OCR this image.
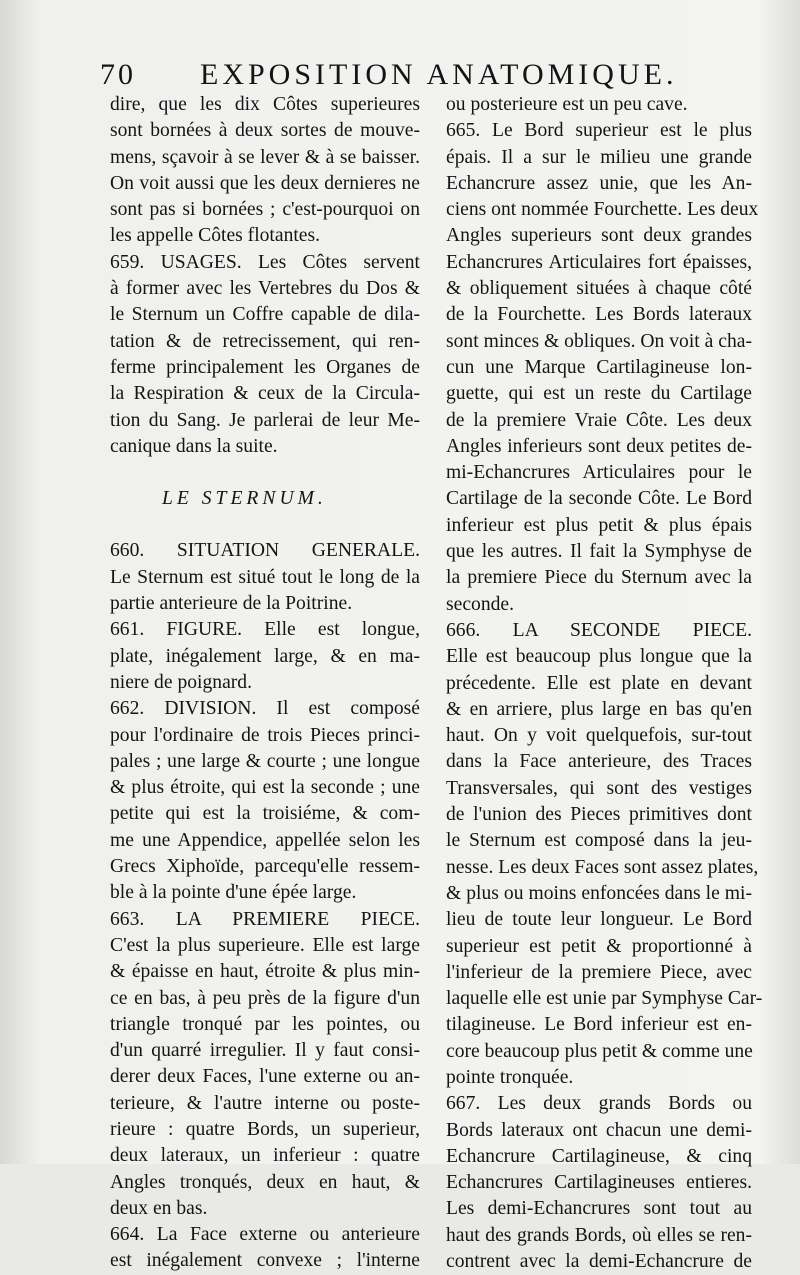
70 EXPOSITION ANATOMIQUE.
dire, que les dix Côtes superieures
sont bornées à deux sortes de mouve-
mens, sçavoir à se lever & à se baisser.
On voit aussi que les deux dernieres ne
sont pas si bornées ; c'est-pourquoi on
les appelle Côtes flotantes.
659. USAGES. Les Côtes servent
à former avec les Vertebres du Dos &
le Sternum un Coffre capable de dila-
tation & de retrecissement, qui ren-
ferme principalement les Organes de
la Respiration & ceux de la Circula-
tion du Sang. Je parlerai de leur Me-
canique dans la suite.
LE STERNUM.
660. SITUATION GENERALE.
Le Sternum est situé tout le long de la
partie anterieure de la Poitrine.
661. FIGURE. Elle est longue,
plate, inégalement large, & en ma-
niere de poignard.
662. DIVISION. Il est composé
pour l'ordinaire de trois Pieces princi-
pales ; une large & courte ; une longue
& plus étroite, qui est la seconde ; une
petite qui est la troisiéme, & com-
me une Appendice, appellée selon les
Grecs Xiphoïde, parcequ'elle ressem-
ble à la pointe d'une épée large.
663. LA PREMIERE PIECE.
C'est la plus superieure. Elle est large
& épaisse en haut, étroite & plus min-
ce en bas, à peu près de la figure d'un
triangle tronqué par les pointes, ou
d'un quarré irregulier. Il y faut consi-
derer deux Faces, l'une externe ou an-
terieure, & l'autre interne ou poste-
rieure : quatre Bords, un superieur,
deux lateraux, un inferieur : quatre
Angles tronqués, deux en haut, &
deux en bas.
664. La Face externe ou anterieure
est inégalement convexe ; l'interne
ou posterieure est un peu cave.
665. Le Bord superieur est le plus
épais. Il a sur le milieu une grande
Echancrure assez unie, que les An-
ciens ont nommée Fourchette. Les deux
Angles superieurs sont deux grandes
Echancrures Articulaires fort épaisses,
& obliquement situées à chaque côté
de la Fourchette. Les Bords lateraux
sont minces & obliques. On voit à cha-
cun une Marque Cartilagineuse lon-
guette, qui est un reste du Cartilage
de la premiere Vraie Côte. Les deux
Angles inferieurs sont deux petites de-
mi-Echancrures Articulaires pour le
Cartilage de la seconde Côte. Le Bord
inferieur est plus petit & plus épais
que les autres. Il fait la Symphyse de
la premiere Piece du Sternum avec la
seconde.
666. LA SECONDE PIECE.
Elle est beaucoup plus longue que la
précedente. Elle est plate en devant
& en arriere, plus large en bas qu'en
haut. On y voit quelquefois, sur-tout
dans la Face anterieure, des Traces
Transversales, qui sont des vestiges
de l'union des Pieces primitives dont
le Sternum est composé dans la jeu-
nesse. Les deux Faces sont assez plates,
& plus ou moins enfoncées dans le mi-
lieu de toute leur longueur. Le Bord
superieur est petit & proportionné à
l'inferieur de la premiere Piece, avec
laquelle elle est unie par Symphyse Car-
tilagineuse. Le Bord inferieur est en-
core beaucoup plus petit & comme une
pointe tronquée.
667. Les deux grands Bords ou
Bords lateraux ont chacun une demi-
Echancrure Cartilagineuse, & cinq
Echancrures Cartilagineuses entieres.
Les demi-Echancrures sont tout au
haut des grands Bords, où elles se ren-
contrent avec la demi-Echancrure de
